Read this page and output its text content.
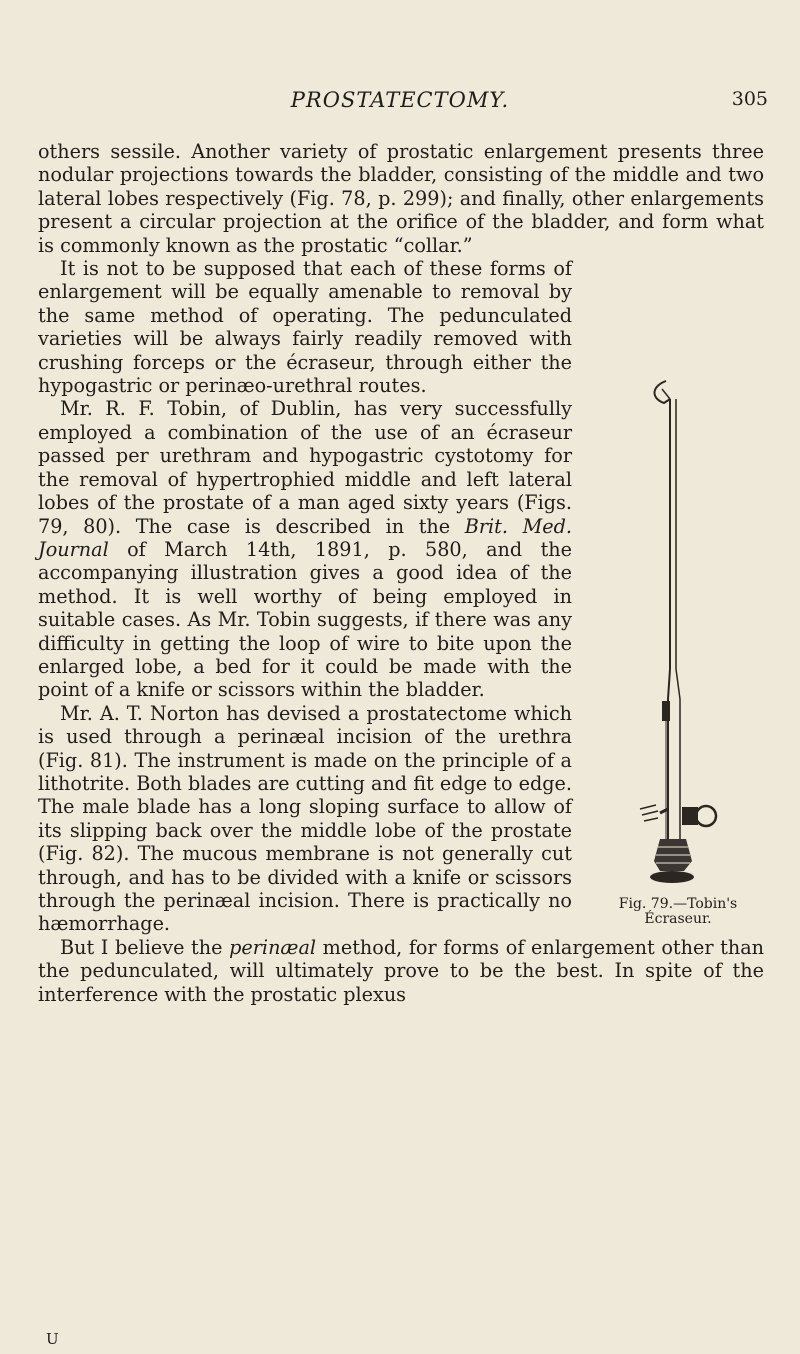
PROSTATECTOMY.	305

others sessile. Another variety of prostatic enlargement presents three nodular projections towards the bladder, consisting of the middle and two lateral lobes respectively (Fig. 78, p. 299); and finally, other enlargements present a circular projection at the orifice of the bladder, and form what is commonly known as the prostatic “collar.”

Fig. 79.—Tobin's
Écraseur.

It is not to be supposed that each of these forms of enlargement will be equally amenable to removal by the same method of operating. The pedunculated varieties will be always fairly readily removed with crushing forceps or the écraseur, through either the hypogastric or perinæo-urethral routes.

Mr. R. F. Tobin, of Dublin, has very successfully employed a combination of the use of an écraseur passed per urethram and hypogastric cystotomy for the removal of hypertrophied middle and left lateral lobes of the prostate of a man aged sixty years (Figs. 79, 80). The case is described in the Brit. Med. Journal of March 14th, 1891, p. 580, and the accompanying illustration gives a good idea of the method. It is well worthy of being employed in suitable cases. As Mr. Tobin suggests, if there was any difficulty in getting the loop of wire to bite upon the enlarged lobe, a bed for it could be made with the point of a knife or scissors within the bladder.

Mr. A. T. Norton has devised a prostatectome which is used through a perinæal incision of the urethra (Fig. 81). The instrument is made on the principle of a lithotrite. Both blades are cutting and fit edge to edge. The male blade has a long sloping surface to allow of its slipping back over the middle lobe of the prostate (Fig. 82). The mucous membrane is not generally cut through, and has to be divided with a knife or scissors through the perinæal incision. There is practically no hæmorrhage.

But I believe the perinæal method, for forms of enlargement other than the pedunculated, will ultimately prove to be the best. In spite of the interference with the prostatic plexus

U
